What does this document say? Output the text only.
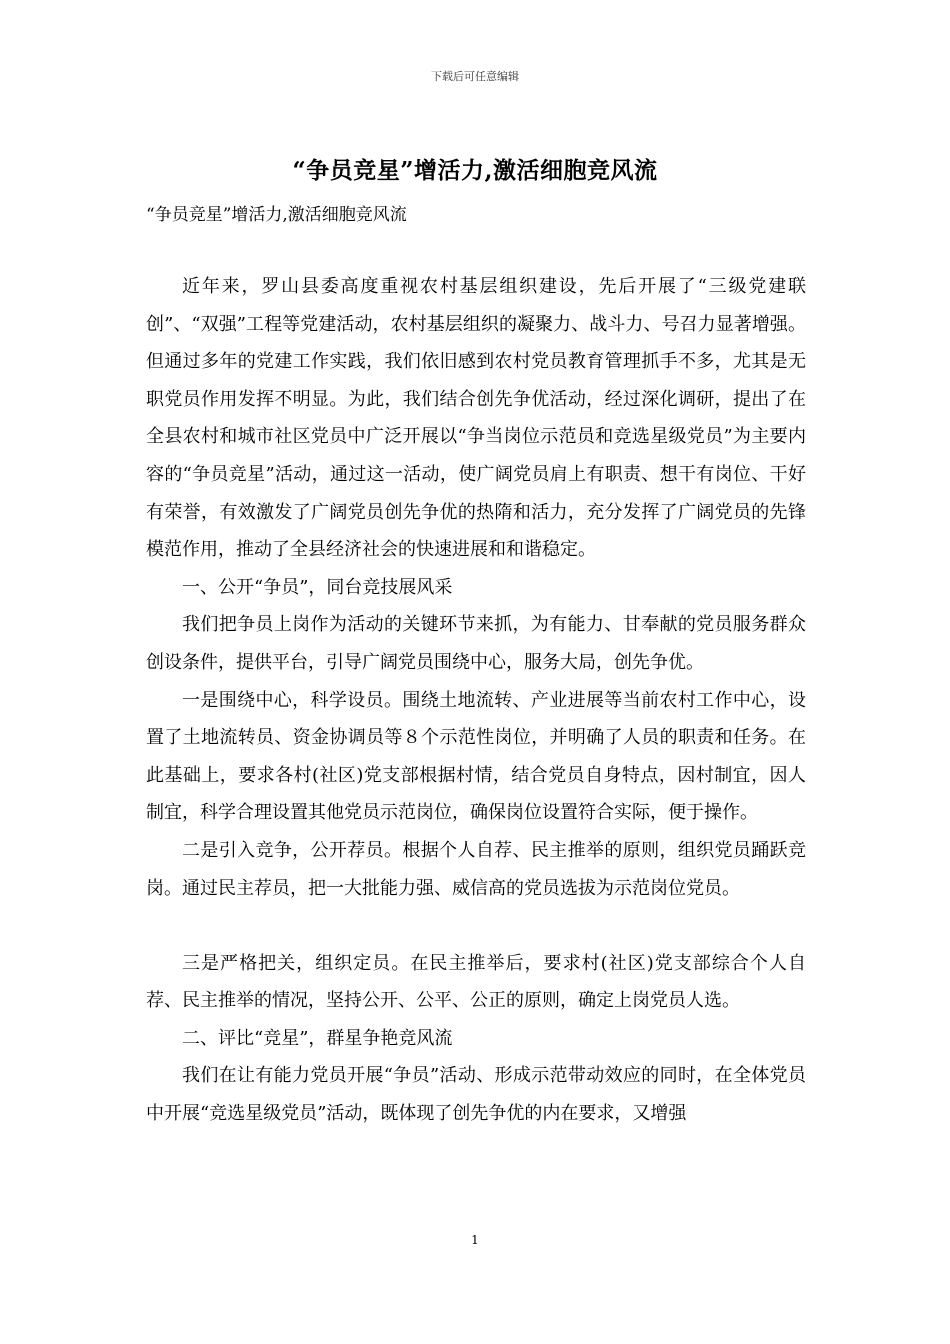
下载后可任意编辑
“争员竞星”增活力,激活细胞竞风流
“争员竞星”增活力,激活细胞竞风流

近年来，罗山县委高度重视农村基层组织建设，先后开展了“三级党建联创”、“双强”工程等党建活动，农村基层组织的凝聚力、战斗力、号召力显著增强。但通过多年的党建工作实践，我们依旧感到农村党员教育管理抓手不多，尤其是无职党员作用发挥不明显。为此，我们结合创先争优活动，经过深化调研，提出了在全县农村和城市社区党员中广泛开展以“争当岗位示范员和竞选星级党员”为主要内容的“争员竞星”活动，通过这一活动，使广阔党员肩上有职责、想干有岗位、干好有荣誉，有效激发了广阔党员创先争优的热隋和活力，充分发挥了广阔党员的先锋模范作用，推动了全县经济社会的快速进展和和谐稳定。

一、公开“争员”，同台竞技展风采

我们把争员上岗作为活动的关键环节来抓，为有能力、甘奉献的党员服务群众创设条件，提供平台，引导广阔党员围绕中心，服务大局，创先争优。

一是围绕中心，科学设员。围绕土地流转、产业进展等当前农村工作中心，设置了土地流转员、资金协调员等８个示范性岗位，并明确了人员的职责和任务。在此基础上，要求各村(社区)党支部根据村情，结合党员自身特点，因村制宜，因人制宜，科学合理设置其他党员示范岗位，确保岗位设置符合实际，便于操作。

二是引入竞争，公开荐员。根据个人自荐、民主推举的原则，组织党员踊跃竞岗。通过民主荐员，把一大批能力强、威信高的党员选拔为示范岗位党员。

三是严格把关，组织定员。在民主推举后，要求村(社区)党支部综合个人自荐、民主推举的情况，坚持公开、公平、公正的原则，确定上岗党员人选。

二、评比“竞星”，群星争艳竞风流

我们在让有能力党员开展“争员”活动、形成示范带动效应的同时，在全体党员中开展“竞选星级党员”活动，既体现了创先争优的内在要求，又增强

1
